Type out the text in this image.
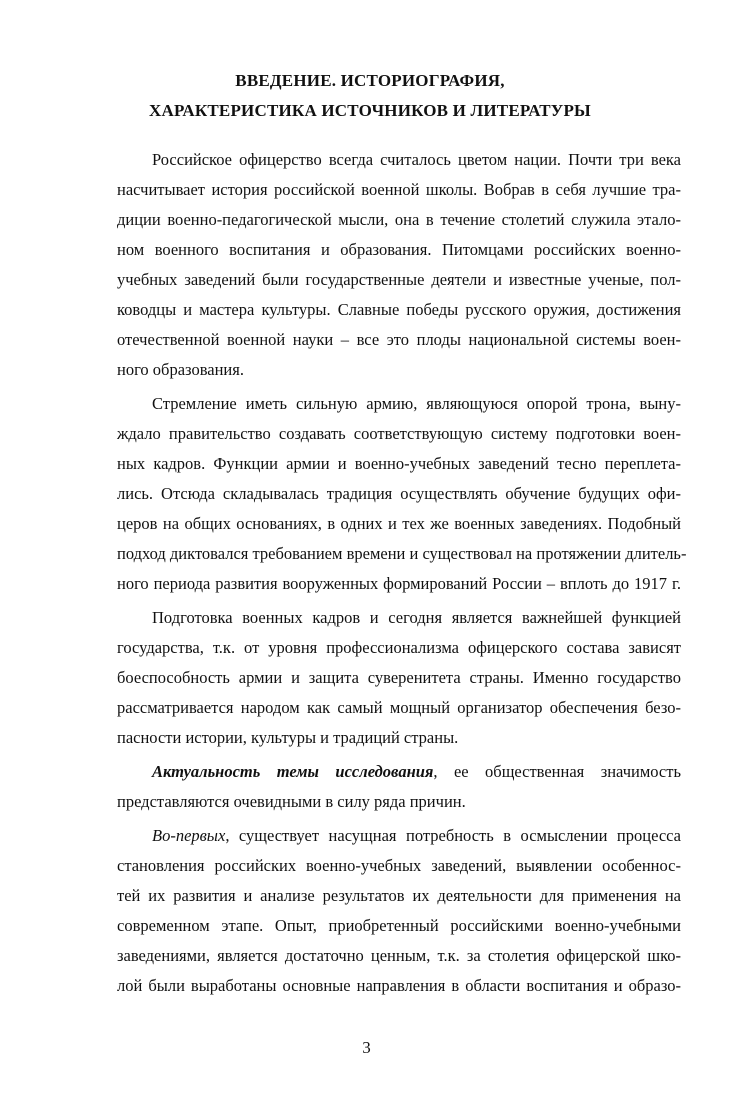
ВВЕДЕНИЕ. ИСТОРИОГРАФИЯ,
ХАРАКТЕРИСТИКА ИСТОЧНИКОВ И ЛИТЕРАТУРЫ
Российское офицерство всегда считалось цветом нации. Почти три века
насчитывает история российской военной школы. Вобрав в себя лучшие тра-
диции военно-педагогической мысли, она в течение столетий служила этало-
ном военного воспитания и образования. Питомцами российских военно-
учебных заведений были государственные деятели и известные ученые, пол-
ководцы и мастера культуры. Славные победы русского оружия, достижения
отечественной военной науки – все это плоды национальной системы воен-
ного образования.
Стремление иметь сильную армию, являющуюся опорой трона, выну-
ждало правительство создавать соответствующую систему подготовки воен-
ных кадров. Функции армии и военно-учебных заведений тесно переплета-
лись. Отсюда складывалась традиция осуществлять обучение будущих офи-
церов на общих основаниях, в одних и тех же военных заведениях. Подобный
подход диктовался требованием времени и существовал на протяжении длитель-
ного периода развития вооруженных формирований России – вплоть до 1917 г.
Подготовка военных кадров и сегодня является важнейшей функцией
государства, т.к. от уровня профессионализма офицерского состава зависят
боеспособность армии и защита суверенитета страны. Именно государство
рассматривается народом как самый мощный организатор обеспечения безо-
пасности истории, культуры и традиций страны.
Актуальность темы исследования, ее общественная значимость
представляются очевидными в силу ряда причин.
Во-первых, существует насущная потребность в осмыслении процесса
становления российских военно-учебных заведений, выявлении особеннос-
тей их развития и анализе результатов их деятельности для применения на
современном этапе. Опыт, приобретенный российскими военно-учебными
заведениями, является достаточно ценным, т.к. за столетия офицерской шко-
лой были выработаны основные направления в области воспитания и образо-
3
